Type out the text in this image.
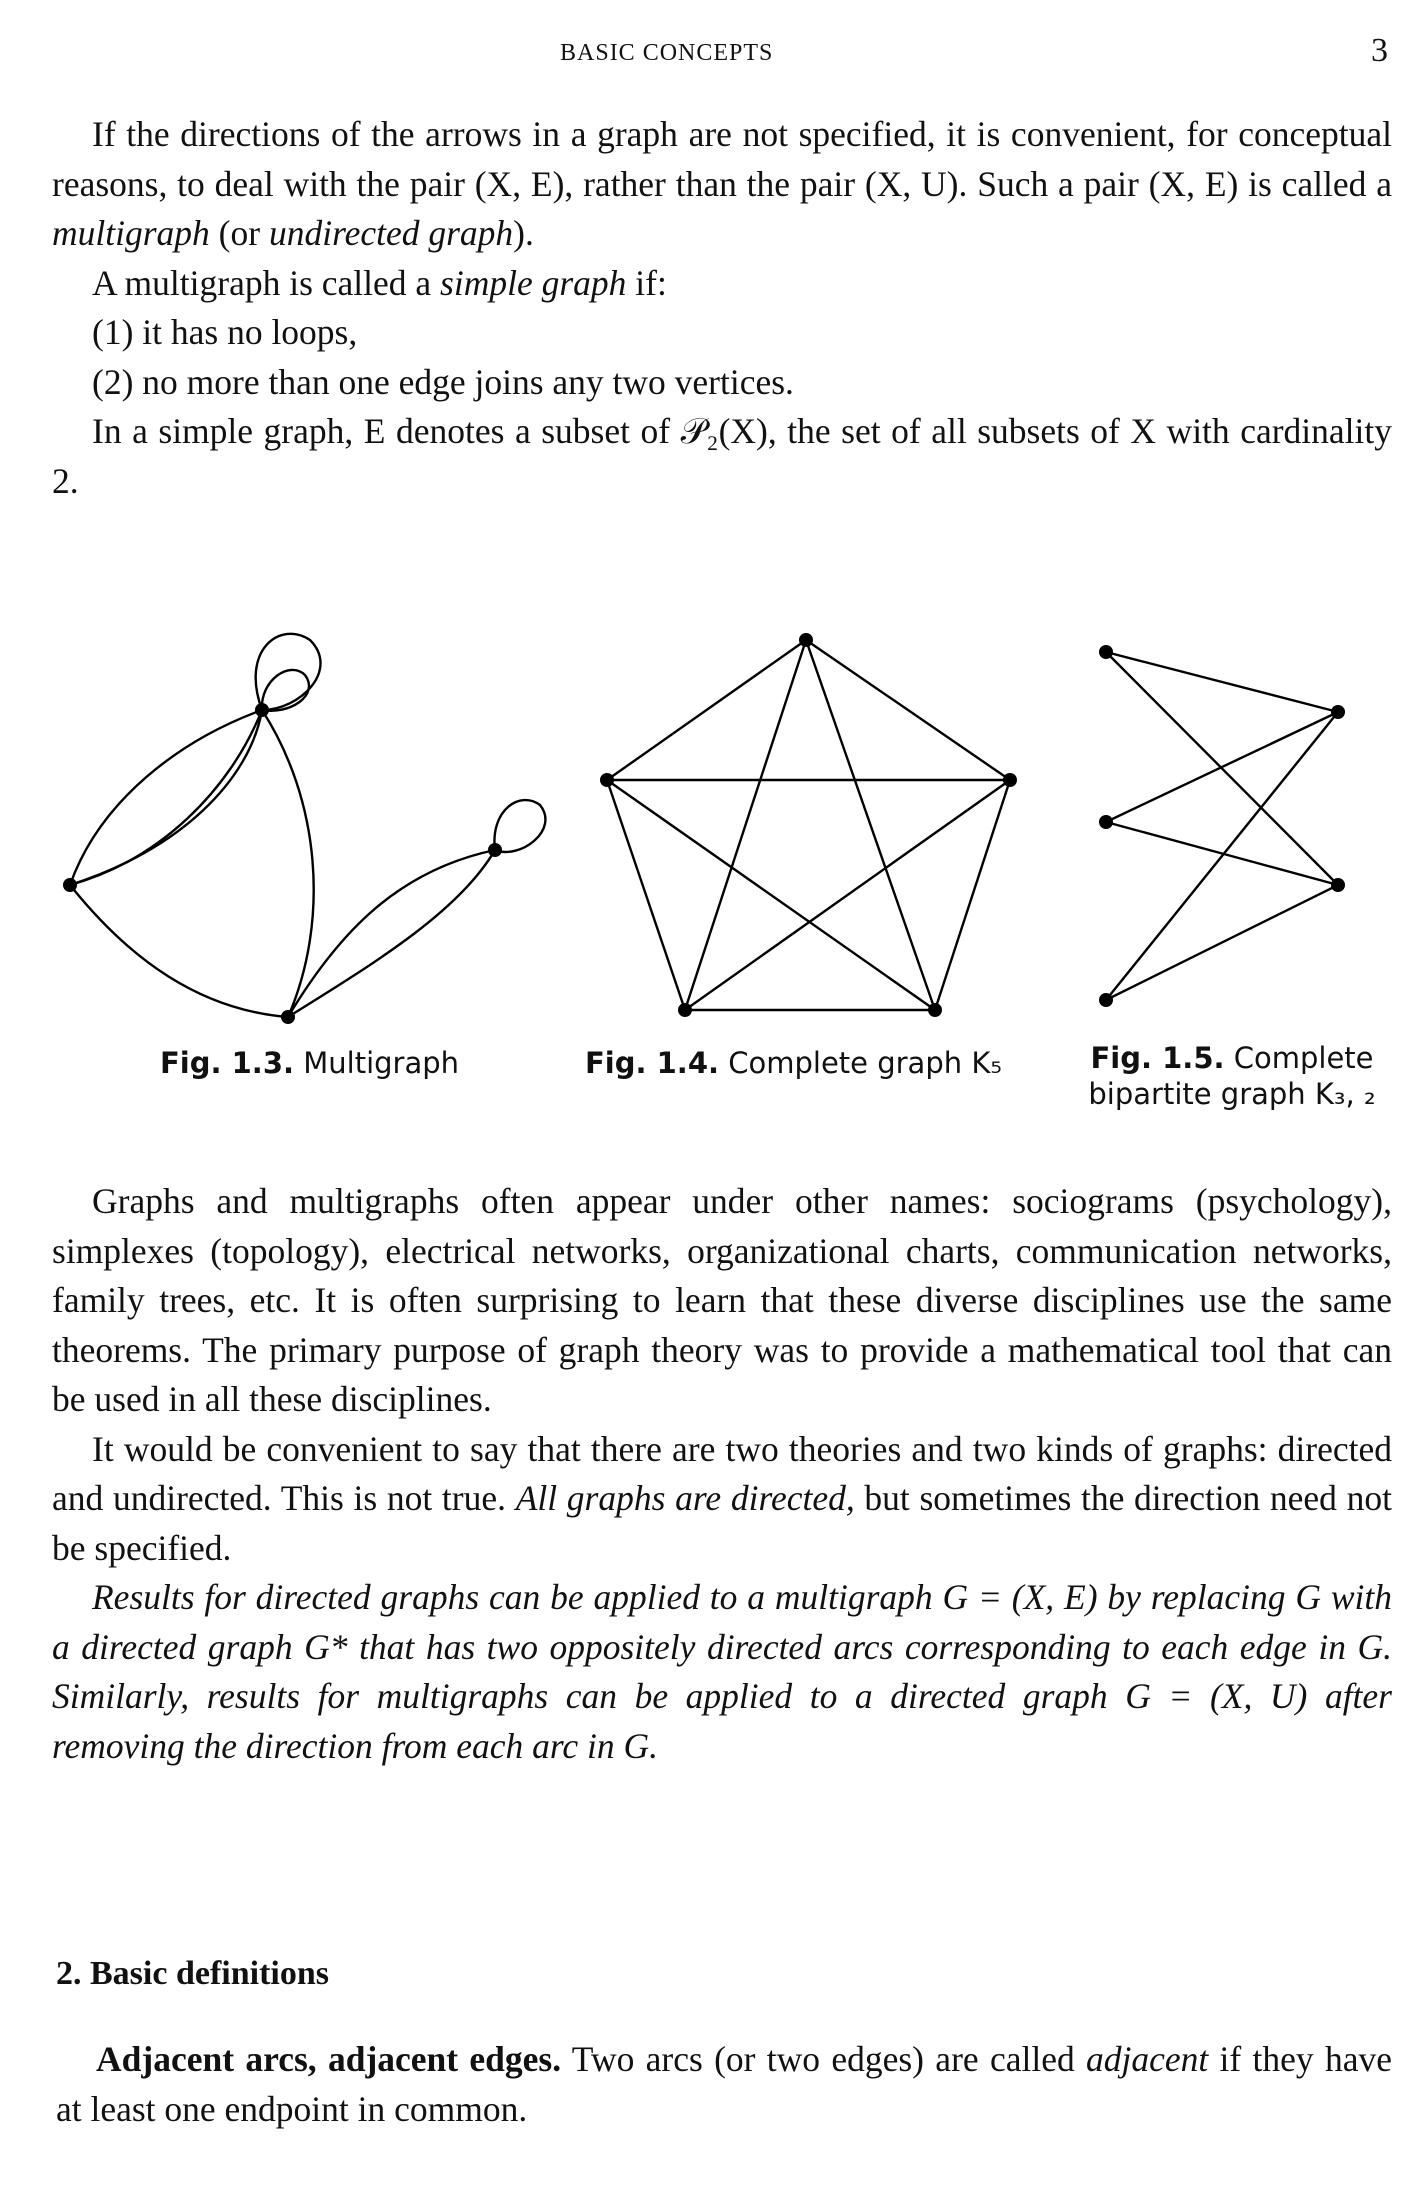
BASIC CONCEPTS	3

If the directions of the arrows in a graph are not specified, it is convenient, for conceptual reasons, to deal with the pair (X, E), rather than the pair (X, U). Such a pair (X, E) is called a multigraph (or undirected graph).

A multigraph is called a simple graph if:

(1) it has no loops,

(2) no more than one edge joins any two vertices.

In a simple graph, E denotes a subset of 𝒫₂(X), the set of all subsets of X with cardinality 2.

Fig. 1.3. Multigraph	Fig. 1.4. Complete graph K₅	Fig. 1.5. Complete
bipartite graph K₃, ₂

Graphs and multigraphs often appear under other names: sociograms (psychology), simplexes (topology), electrical networks, organizational charts, communication networks, family trees, etc. It is often surprising to learn that these diverse disciplines use the same theorems. The primary purpose of graph theory was to provide a mathematical tool that can be used in all these disciplines.

It would be convenient to say that there are two theories and two kinds of graphs: directed and undirected. This is not true. All graphs are directed, but sometimes the direction need not be specified.

Results for directed graphs can be applied to a multigraph G = (X, E) by replacing G with a directed graph G* that has two oppositely directed arcs corresponding to each edge in G. Similarly, results for multigraphs can be applied to a directed graph G = (X, U) after removing the direction from each arc in G.

2. Basic definitions

Adjacent arcs, adjacent edges. Two arcs (or two edges) are called adjacent if they have at least one endpoint in common.
